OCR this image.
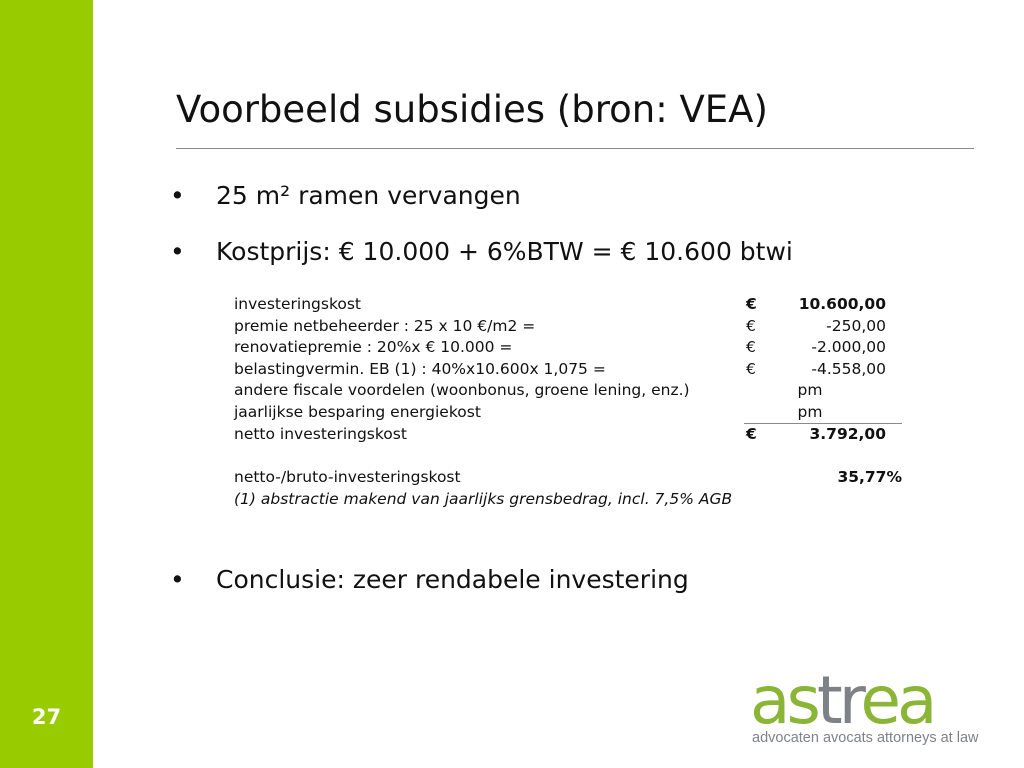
27
Voorbeeld subsidies (bron: VEA)
•	25 m² ramen vervangen
•	Kostprijs: € 10.000 + 6%BTW = € 10.600 btwi
investeringskost	€	10.600,00
premie netbeheerder : 25 x 10 €/m2 =	€	-250,00
renovatiepremie : 20%x € 10.000 =	€	-2.000,00
belastingvermin. EB (1) : 40%x10.600x 1,075 =	€	-4.558,00
andere fiscale voordelen (woonbonus, groene lening, enz.)	pm	
jaarlijkse besparing energiekost	pm	
netto investeringskost	€	3.792,00

netto-/bruto-investeringskost	35,77%	
(1) abstractie makend van jaarlijks grensbedrag, incl. 7,5% AGB		
•	Conclusie: zeer rendabele investering
astrea
advocaten avocats attorneys at law
